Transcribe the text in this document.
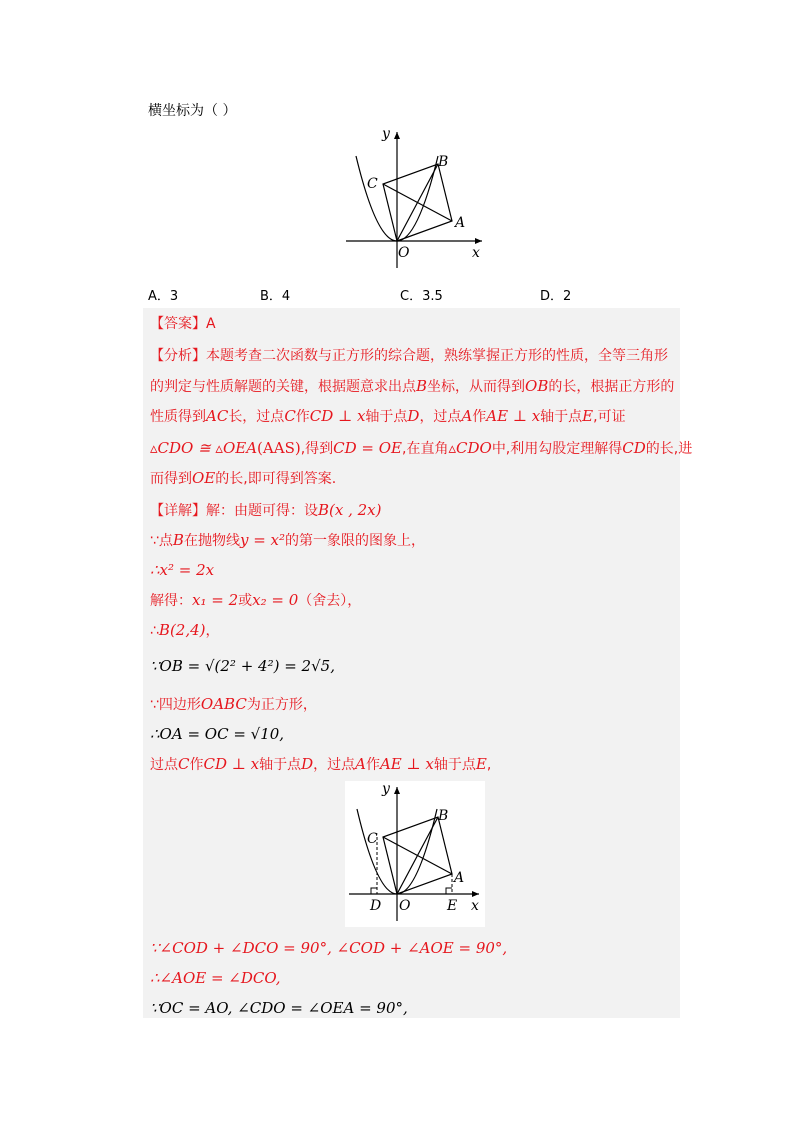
横坐标为（ ）
y
x
O
A
B
C
A．3	B．4	C．3.5	D．2
【答案】A
【分析】本题考查二次函数与正方形的综合题，熟练掌握正方形的性质，全等三角形
的判定与性质解题的关键，根据题意求出点B坐标，从而得到OB的长，根据正方形的
性质得到AC长，过点C作CD ⊥ x轴于点D，过点A作AE ⊥ x轴于点E,可证
▵CDO ≅ ▵OEA(AAS),得到CD = OE,在直角▵CDO中,利用勾股定理解得CD的长,进
而得到OE的长,即可得到答案.
【详解】解：由题可得：设B(x , 2x)
∵点B在抛物线y = x²的第一象限的图象上，
∴x² = 2x
解得：x₁ = 2或x₂ = 0（舍去），
∴B(2,4)，
∵OB = √(2² + 4²) = 2√5,
∵四边形OABC为正方形，
∴OA = OC = √10,
过点C作CD ⊥ x轴于点D，过点A作AE ⊥ x轴于点E,
y
x
O
A
B
C
D	E
∵∠COD + ∠DCO = 90°, ∠COD + ∠AOE = 90°,
∴∠AOE = ∠DCO,
∵OC = AO, ∠CDO = ∠OEA = 90°,
